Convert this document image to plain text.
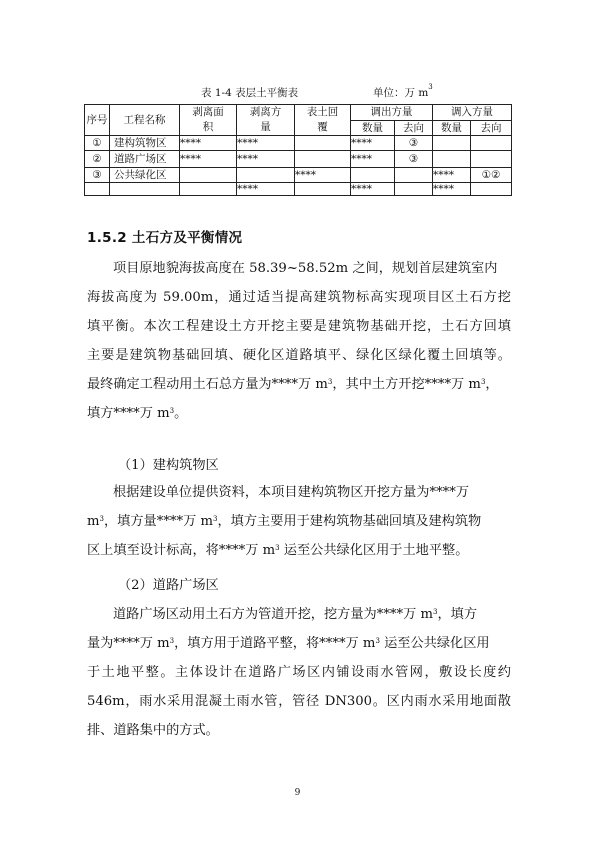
表 1-4 表层土平衡表	单位：万 $m^3$
序号	工程名称	剥离面积	剥离方量	表土回覆	调出方量		调入方量	
					数量	去向	数量	去向
①	建构筑物区	****	****		****	③		
②	道路广场区	****	****		****	③		
③	公共绿化区			****			****	①②
			****		****		****	
1.5.2 土石方及平衡情况
项目原地貌海拔高度在 58.39~58.52m 之间，规划首层建筑室内
海拔高度为 59.00m，通过适当提高建筑物标高实现项目区土石方挖
填平衡。本次工程建设土方开挖主要是建筑物基础开挖，土石方回填
主要是建筑物基础回填、硬化区道路填平、绿化区绿化覆土回填等。
最终确定工程动用土石总方量为****万 $m^3$，其中土方开挖****万 $m^3$，
填方****万 $m^3$。
（1）建构筑物区
根据建设单位提供资料，本项目建构筑物区开挖方量为****万
$m^3$，填方量****万 $m^3$，填方主要用于建构筑物基础回填及建构筑物
区上填至设计标高，将****万 $m^3$ 运至公共绿化区用于土地平整。
（2）道路广场区
道路广场区动用土石方为管道开挖，挖方量为****万 $m^3$，填方
量为****万 $m^3$，填方用于道路平整，将****万 $m^3$ 运至公共绿化区用
于土地平整。主体设计在道路广场区内铺设雨水管网，敷设长度约
546m，雨水采用混凝土雨水管，管径 DN300。区内雨水采用地面散
排、道路集中的方式。
9
